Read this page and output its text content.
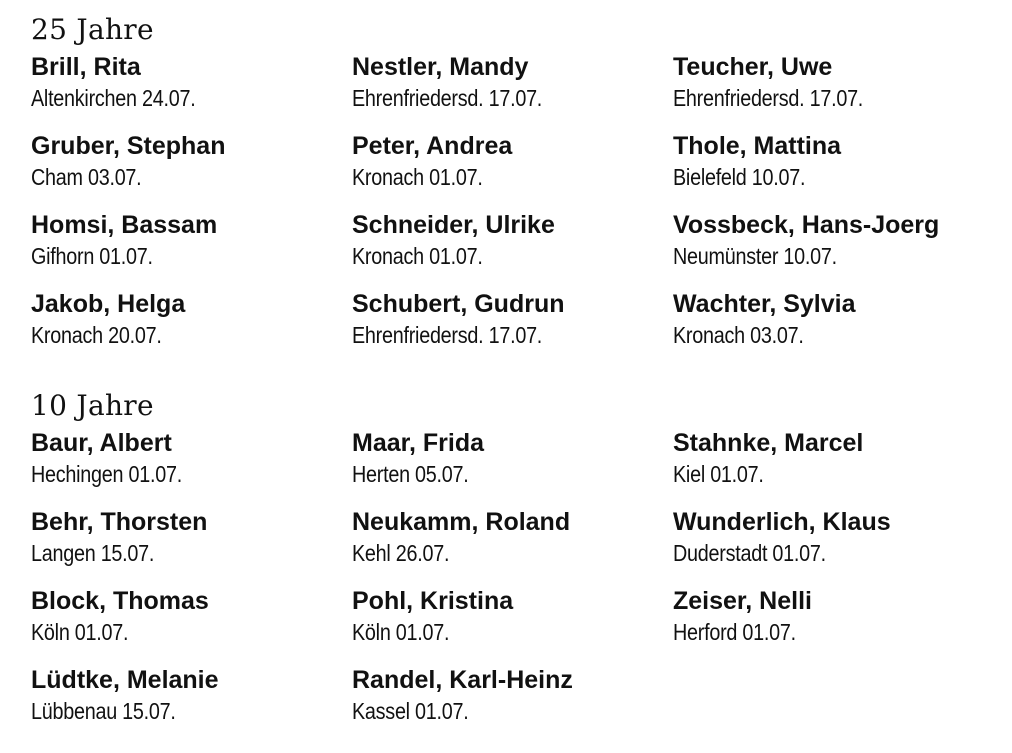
25 Jahre
Brill, Rita
Altenkirchen 24.07.
Nestler, Mandy
Ehrenfriedersd. 17.07.
Teucher, Uwe
Ehrenfriedersd. 17.07.
Gruber, Stephan
Cham 03.07.
Peter, Andrea
Kronach 01.07.
Thole, Mattina
Bielefeld 10.07.
Homsi, Bassam
Gifhorn 01.07.
Schneider, Ulrike
Kronach 01.07.
Vossbeck, Hans-Joerg
Neumünster 10.07.
Jakob, Helga
Kronach 20.07.
Schubert, Gudrun
Ehrenfriedersd. 17.07.
Wachter, Sylvia
Kronach 03.07.
10 Jahre
Baur, Albert
Hechingen 01.07.
Maar, Frida
Herten 05.07.
Stahnke, Marcel
Kiel 01.07.
Behr, Thorsten
Langen 15.07.
Neukamm, Roland
Kehl 26.07.
Wunderlich, Klaus
Duderstadt 01.07.
Block, Thomas
Köln 01.07.
Pohl, Kristina
Köln 01.07.
Zeiser, Nelli
Herford 01.07.
Lüdtke, Melanie
Lübbenau 15.07.
Randel, Karl-Heinz
Kassel 01.07.
